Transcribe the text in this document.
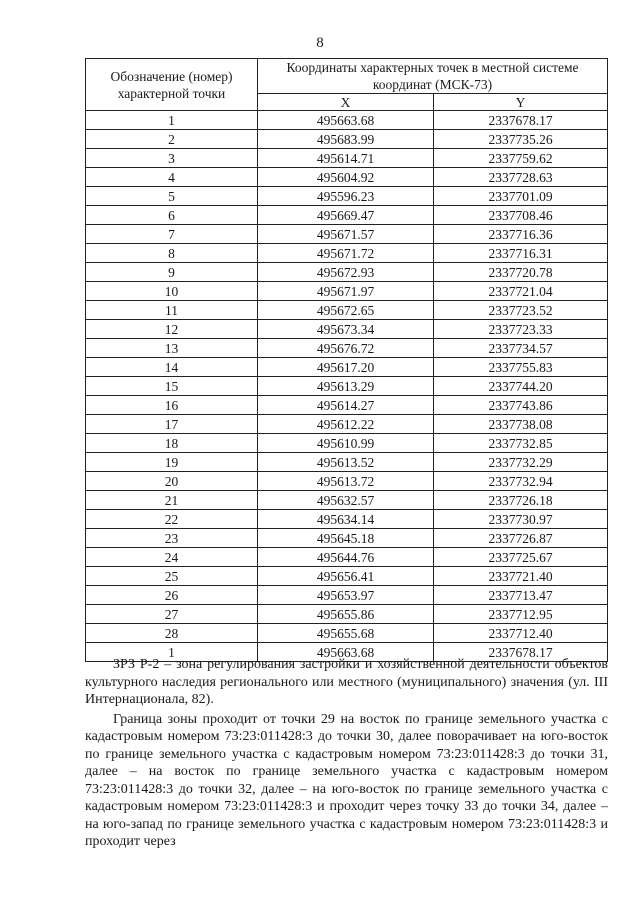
8
Обозначение (номер) характерной точки	Координаты характерных точек в местной системе координат (МСК-73)	
	X	Y
1	495663.68	2337678.17
2	495683.99	2337735.26
3	495614.71	2337759.62
4	495604.92	2337728.63
5	495596.23	2337701.09
6	495669.47	2337708.46
7	495671.57	2337716.36
8	495671.72	2337716.31
9	495672.93	2337720.78
10	495671.97	2337721.04
11	495672.65	2337723.52
12	495673.34	2337723.33
13	495676.72	2337734.57
14	495617.20	2337755.83
15	495613.29	2337744.20
16	495614.27	2337743.86
17	495612.22	2337738.08
18	495610.99	2337732.85
19	495613.52	2337732.29
20	495613.72	2337732.94
21	495632.57	2337726.18
22	495634.14	2337730.97
23	495645.18	2337726.87
24	495644.76	2337725.67
25	495656.41	2337721.40
26	495653.97	2337713.47
27	495655.86	2337712.95
28	495655.68	2337712.40
1	495663.68	2337678.17

ЗРЗ Р-2 – зона регулирования застройки и хозяйственной деятельности объектов культурного наследия регионального или местного (муниципального) значения (ул. III Интернационала, 82).

Граница зоны проходит от точки 29 на восток по границе земельного участка с кадастровым номером 73:23:011428:3 до точки 30, далее поворачивает на юго-восток по границе земельного участка с кадастровым номером 73:23:011428:3 до точки 31, далее – на восток по границе земельного участка с кадастровым номером 73:23:011428:3 до точки 32, далее – на юго-восток по границе земельного участка с кадастровым номером 73:23:011428:3 и проходит через точку 33 до точки 34, далее – на юго-запад по границе земельного участка с кадастровым номером 73:23:011428:3 и проходит через
